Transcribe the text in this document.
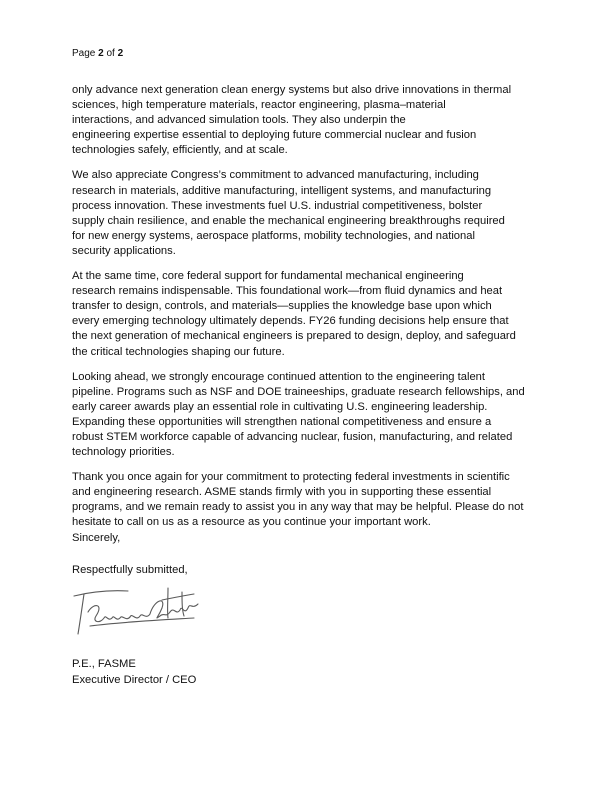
Page 2 of 2

only advance next generation clean energy systems but also drive innovations in thermal
sciences, high temperature materials, reactor engineering, plasma–material
interactions, and advanced simulation tools. They also underpin the
engineering expertise essential to deploying future commercial nuclear and fusion
technologies safely, efficiently, and at scale.

We also appreciate Congress’s commitment to advanced manufacturing, including
research in materials, additive manufacturing, intelligent systems, and manufacturing
process innovation. These investments fuel U.S. industrial competitiveness, bolster
supply chain resilience, and enable the mechanical engineering breakthroughs required
for new energy systems, aerospace platforms, mobility technologies, and national
security applications.

At the same time, core federal support for fundamental mechanical engineering
research remains indispensable. This foundational work—from fluid dynamics and heat
transfer to design, controls, and materials—supplies the knowledge base upon which
every emerging technology ultimately depends. FY26 funding decisions help ensure that
the next generation of mechanical engineers is prepared to design, deploy, and safeguard
the critical technologies shaping our future.

Looking ahead, we strongly encourage continued attention to the engineering talent
pipeline. Programs such as NSF and DOE traineeships, graduate research fellowships, and
early career awards play an essential role in cultivating U.S. engineering leadership.
Expanding these opportunities will strengthen national competitiveness and ensure a
robust STEM workforce capable of advancing nuclear, fusion, manufacturing, and related
technology priorities.

Thank you once again for your commitment to protecting federal investments in scientific
and engineering research. ASME stands firmly with you in supporting these essential
programs, and we remain ready to assist you in any way that may be helpful. Please do not
hesitate to call on us as a resource as you continue your important work.
Sincerely,

Respectfully submitted,
P.E., FASME
Executive Director / CEO
